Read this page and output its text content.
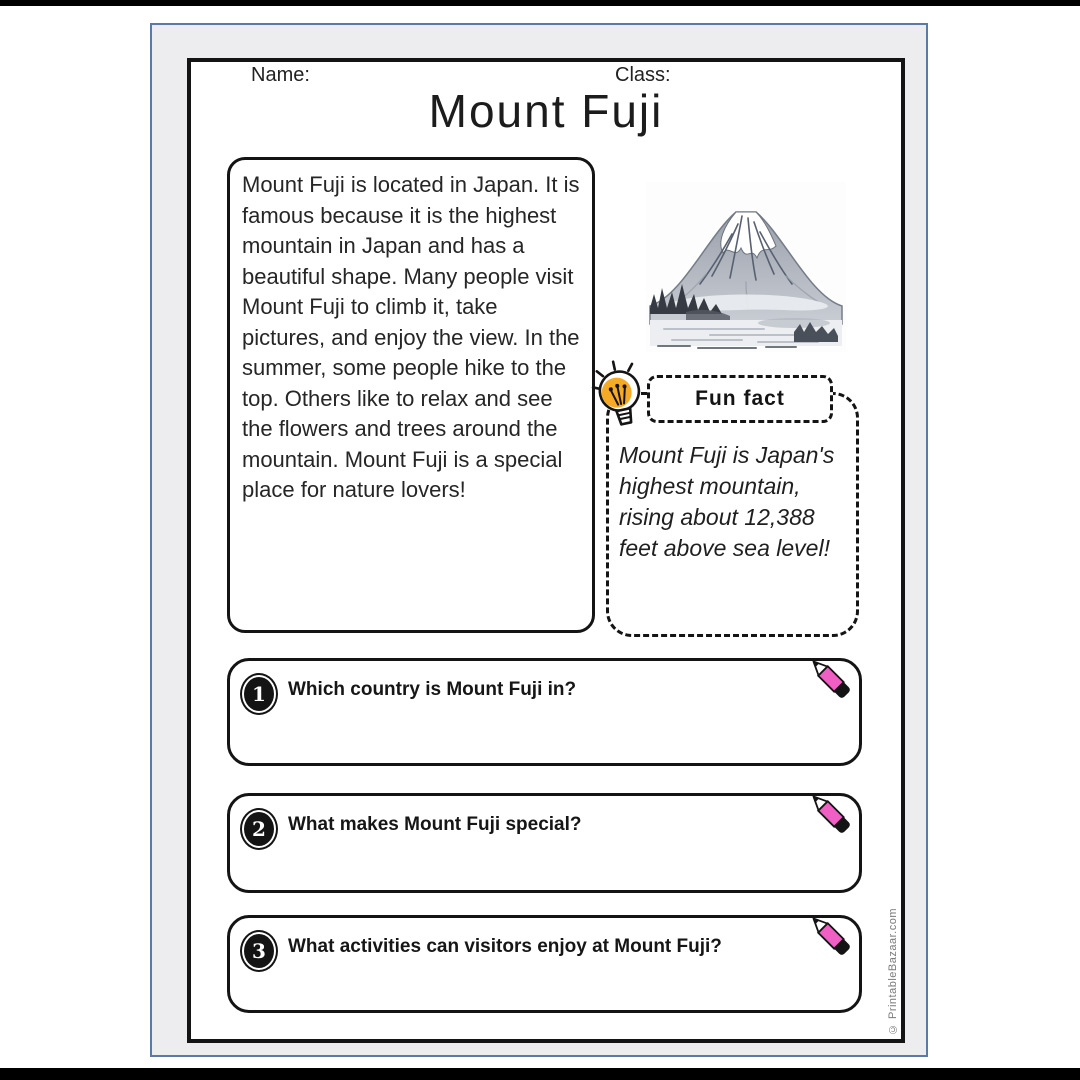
Name:	Class:
Mount Fuji

Mount Fuji is located in Japan. It is famous because it is the highest mountain in Japan and has a beautiful shape. Many people visit Mount Fuji to climb it, take pictures, and enjoy the view. In the summer, some people hike to the top. Others like to relax and see the flowers and trees around the mountain. Mount Fuji is a special place for nature lovers!

Fun fact
Mount Fuji is Japan's highest mountain, rising about 12,388 feet above sea level!
1	Which country is Mount Fuji in?
2	What makes Mount Fuji special?
3	What activities can visitors enjoy at Mount Fuji?	© PrintableBazaar.com
